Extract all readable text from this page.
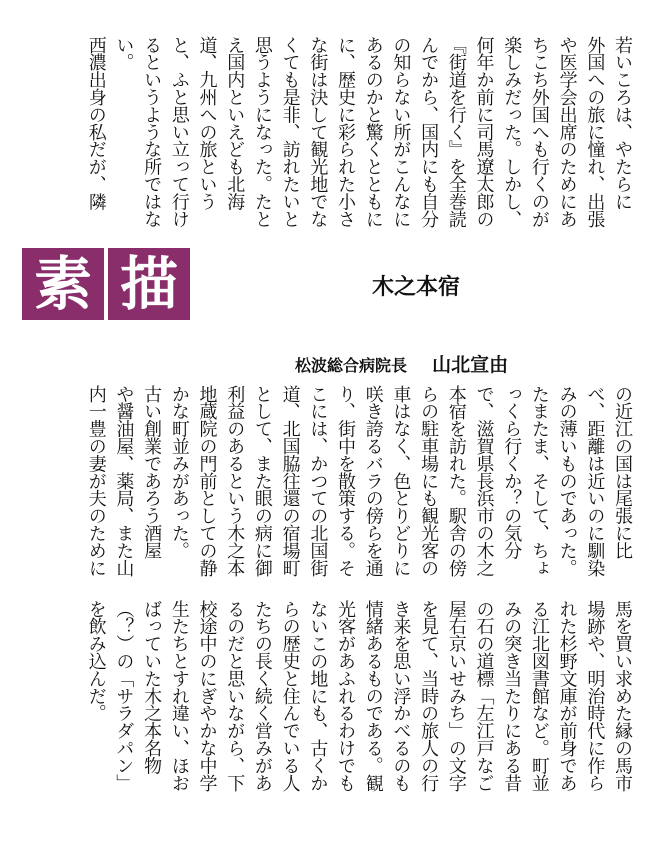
若いころは、やたらに
外国への旅に憧れ、出張
や医学会出席のためにあ
ちこち外国へも行くのが
楽しみだった。しかし、
何年か前に司馬遼太郎の
『街道を行く』を全巻読
んでから、国内にも自分
の知らない所がこんなに
あるのかと驚くとともに
に、歴史に彩られた小さ
な街は決して観光地でな
くても是非、訪れたいと
思うようになった。たと
え国内といえども北海
道、九州への旅という
と、ふと思い立って行け
るというような所ではな
い。
西濃出身の私だが、隣
素 描	木之本宿
松波総合病院長 山北宣由
馬を買い求めた縁の馬市
場跡や、明治時代に作ら
れた杉野文庫が前身であ
る江北図書館など。町並
みの突き当たりにある昔
の石の道標「左江戸なご
屋右京いせみち」の文字
を見て、当時の旅人の行
き来を思い浮かべるのも
情緒あるものである。観
光客があふれるわけでも
ないこの地にも、古くか
らの歴史と住んでいる人
たちの長く続く営みがあ
るのだと思いながら、下
校途中のにぎやかな中学
生たちとすれ違い、ほお
ばっていた木之本名物
（？）の「サラダパン」
を飲み込んだ。
の近江の国は尾張に比
べ、距離は近いのに馴染
みの薄いものであった。
たまたま、そして、ちょ
っくら行くか？の気分
で、滋賀県長浜市の木之
本宿を訪れた。駅舎の傍
らの駐車場にも観光客の
車はなく、色とりどりに
咲き誇るバラの傍らを通
り、街中を散策する。そ
こには、かつての北国街
道、北国脇往還の宿場町
として、また眼の病に御
利益のあるという木之本
地蔵院の門前としての静
かな町並みがあった。
古い創業であろう酒屋
や醤油屋、薬局、また山
内一豊の妻が夫のために
